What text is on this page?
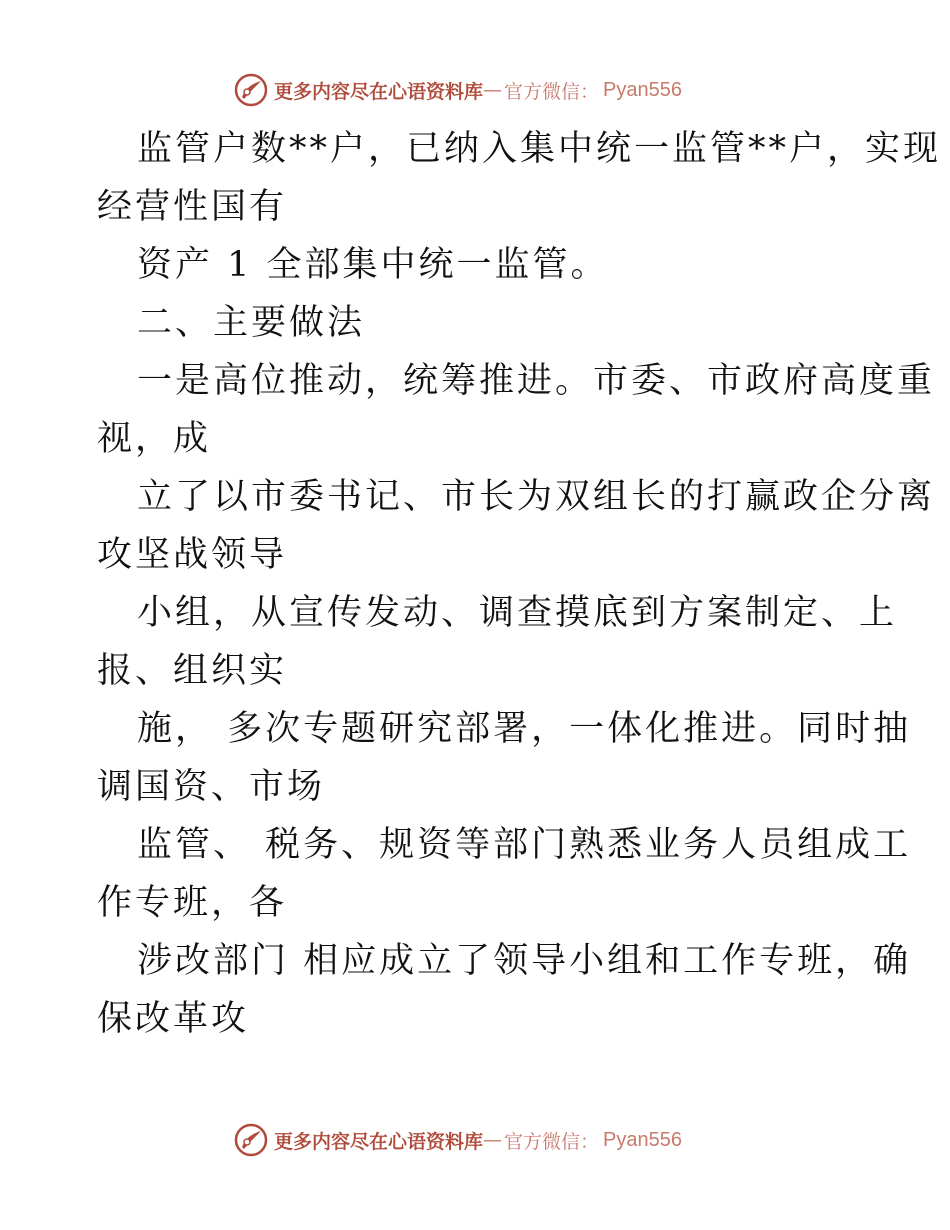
更多内容尽在心语资料库 — 官方微信： Pyan556
监管户数**户，已纳入集中统一监管**户，实现
经营性国有
资产 1 全部集中统一监管。
二、主要做法
一是高位推动，统筹推进。市委、市政府高度重
视，成
立了以市委书记、市长为双组长的打赢政企分离
攻坚战领导
小组，从宣传发动、调查摸底到方案制定、上
报、组织实
施， 多次专题研究部署，一体化推进。同时抽
调国资、市场
监管、 税务、规资等部门熟悉业务人员组成工
作专班，各
涉改部门 相应成立了领导小组和工作专班，确
保改革攻
更多内容尽在心语资料库 — 官方微信： Pyan556
